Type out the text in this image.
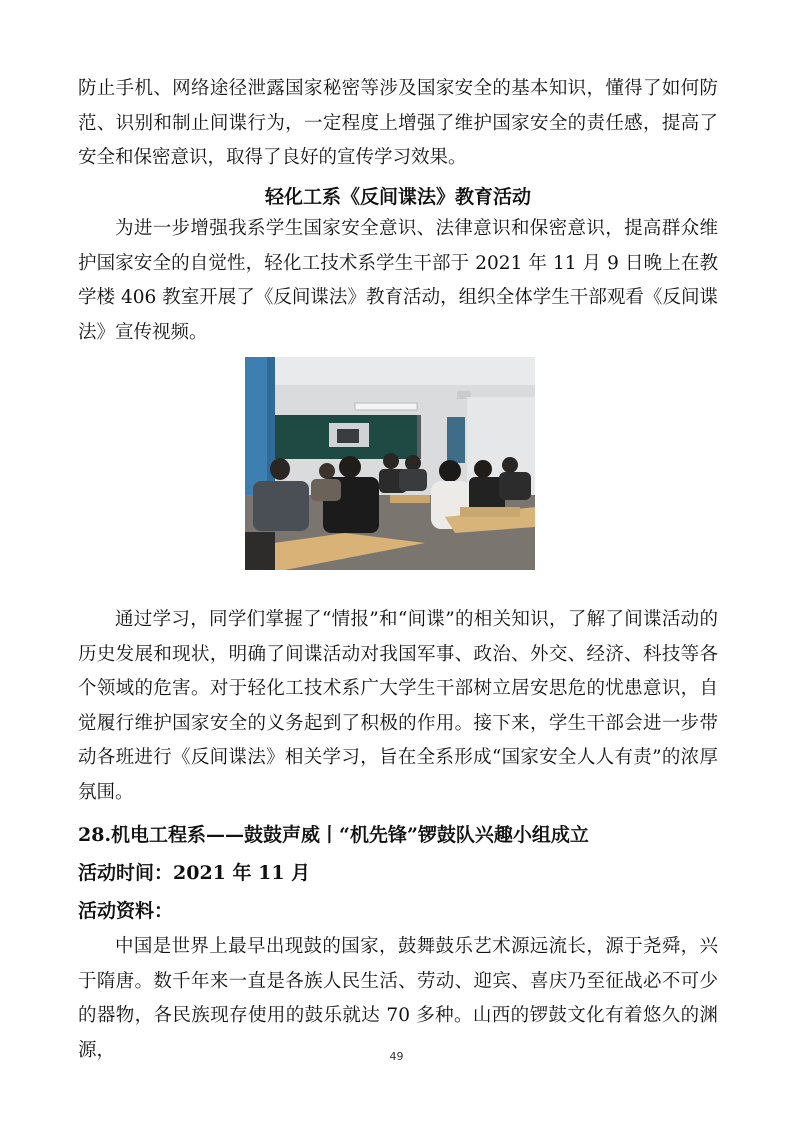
防止手机、网络途径泄露国家秘密等涉及国家安全的基本知识，懂得了如何防范、识别和制止间谍行为，一定程度上增强了维护国家安全的责任感，提高了安全和保密意识，取得了良好的宣传学习效果。

轻化工系《反间谍法》教育活动

为进一步增强我系学生国家安全意识、法律意识和保密意识，提高群众维护国家安全的自觉性，轻化工技术系学生干部于 2021 年 11 月 9 日晚上在教学楼 406 教室开展了《反间谍法》教育活动，组织全体学生干部观看《反间谍法》宣传视频。

通过学习，同学们掌握了“情报”和“间谍”的相关知识，了解了间谍活动的历史发展和现状，明确了间谍活动对我国军事、政治、外交、经济、科技等各个领域的危害。对于轻化工技术系广大学生干部树立居安思危的忧患意识，自觉履行维护国家安全的义务起到了积极的作用。接下来，学生干部会进一步带动各班进行《反间谍法》相关学习，旨在全系形成“国家安全人人有责”的浓厚氛围。

28.机电工程系——鼓鼓声威丨“机先锋”锣鼓队兴趣小组成立

活动时间：2021 年 11 月

活动资料：

中国是世界上最早出现鼓的国家，鼓舞鼓乐艺术源远流长，源于尧舜，兴于隋唐。数千年来一直是各族人民生活、劳动、迎宾、喜庆乃至征战必不可少的器物，各民族现存使用的鼓乐就达 70 多种。山西的锣鼓文化有着悠久的渊源，	49
